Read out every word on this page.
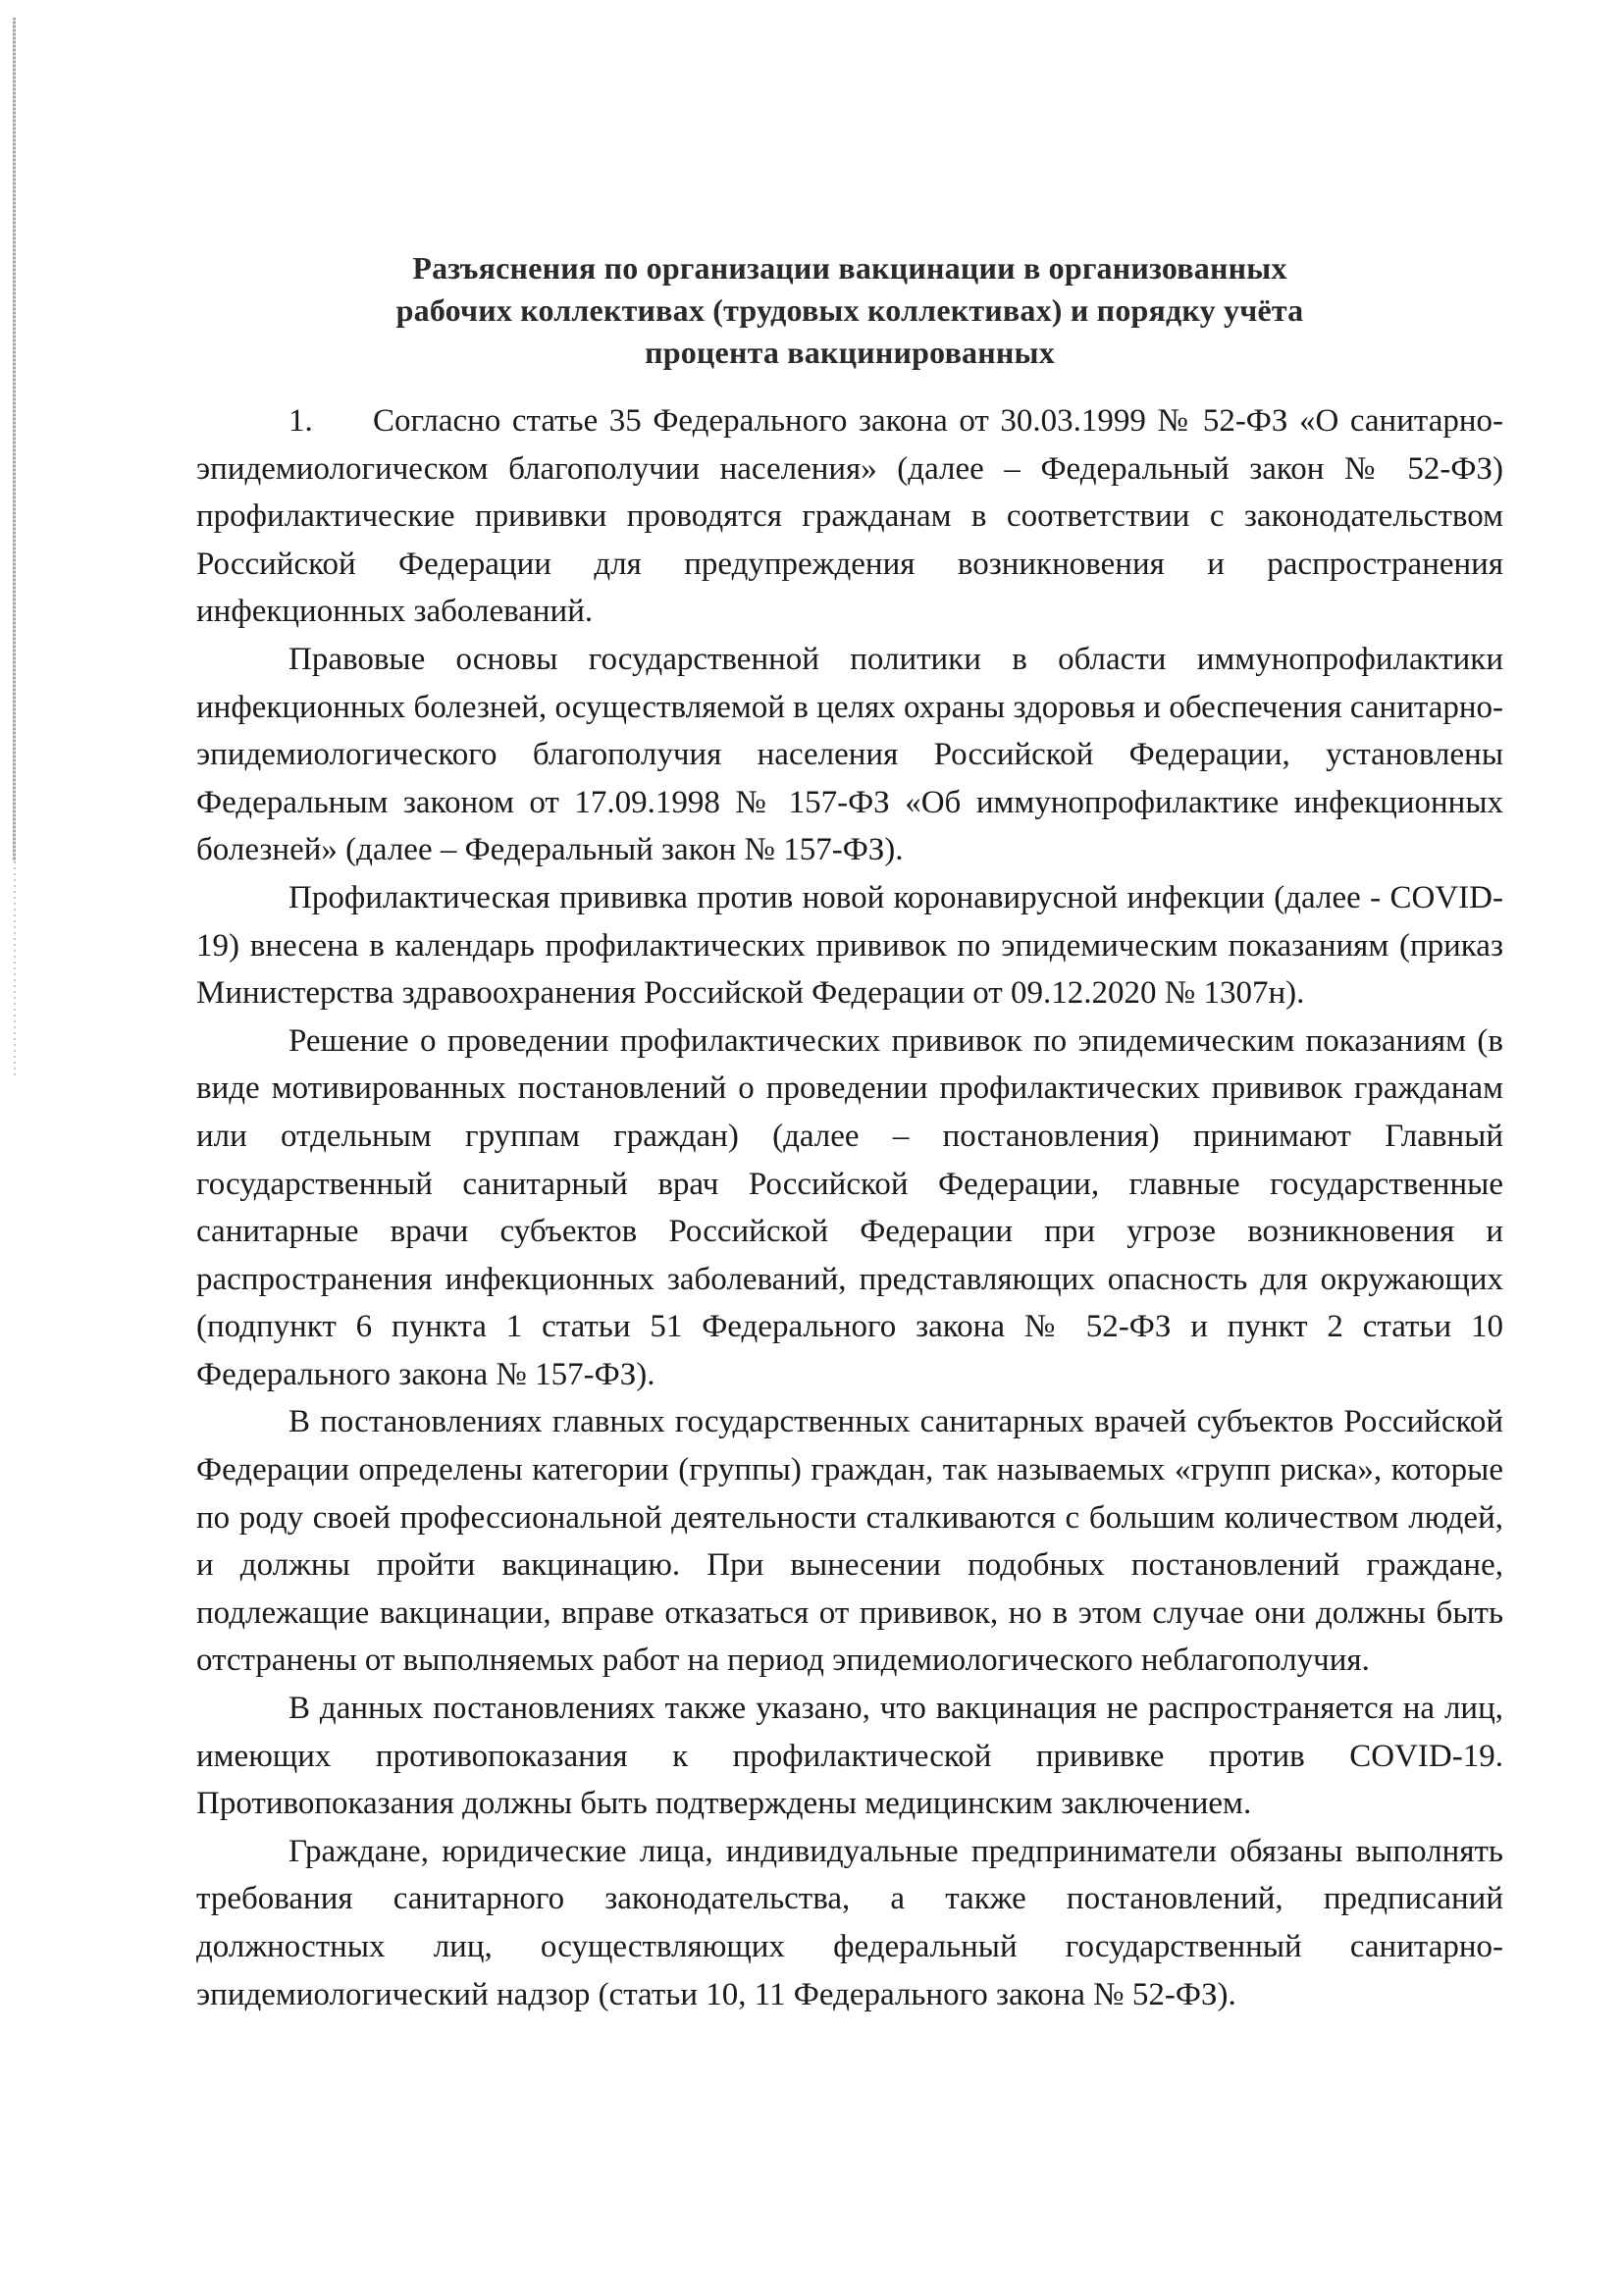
Разъяснения по организации вакцинации в организованных
рабочих коллективах (трудовых коллективах) и порядку учёта
процента вакцинированных

1. Согласно статье 35 Федерального закона от 30.03.1999 № 52-ФЗ «О санитарно-эпидемиологическом благополучии населения» (далее – Федеральный закон № 52-ФЗ) профилактические прививки проводятся гражданам в соответствии с законодательством Российской Федерации для предупреждения возникновения и распространения инфекционных заболеваний.

Правовые основы государственной политики в области иммунопрофилактики инфекционных болезней, осуществляемой в целях охраны здоровья и обеспечения санитарно-эпидемиологического благополучия населения Российской Федерации, установлены Федеральным законом от 17.09.1998 № 157-ФЗ «Об иммунопрофилактике инфекционных болезней» (далее – Федеральный закон № 157-ФЗ).

Профилактическая прививка против новой коронавирусной инфекции (далее - COVID-19) внесена в календарь профилактических прививок по эпидемическим показаниям (приказ Министерства здравоохранения Российской Федерации от 09.12.2020 № 1307н).

Решение о проведении профилактических прививок по эпидемическим показаниям (в виде мотивированных постановлений о проведении профилактических прививок гражданам или отдельным группам граждан) (далее – постановления) принимают Главный государственный санитарный врач Российской Федерации, главные государственные санитарные врачи субъектов Российской Федерации при угрозе возникновения и распространения инфекционных заболеваний, представляющих опасность для окружающих (подпункт 6 пункта 1 статьи 51 Федерального закона № 52-ФЗ и пункт 2 статьи 10 Федерального закона № 157-ФЗ).

В постановлениях главных государственных санитарных врачей субъектов Российской Федерации определены категории (группы) граждан, так называемых «групп риска», которые по роду своей профессиональной деятельности сталкиваются с большим количеством людей, и должны пройти вакцинацию. При вынесении подобных постановлений граждане, подлежащие вакцинации, вправе отказаться от прививок, но в этом случае они должны быть отстранены от выполняемых работ на период эпидемиологического неблагополучия.

В данных постановлениях также указано, что вакцинация не распространяется на лиц, имеющих противопоказания к профилактической прививке против COVID-19. Противопоказания должны быть подтверждены медицинским заключением.

Граждане, юридические лица, индивидуальные предприниматели обязаны выполнять требования санитарного законодательства, а также постановлений, предписаний должностных лиц, осуществляющих федеральный государственный санитарно-эпидемиологический надзор (статьи 10, 11 Федерального закона № 52-ФЗ).
